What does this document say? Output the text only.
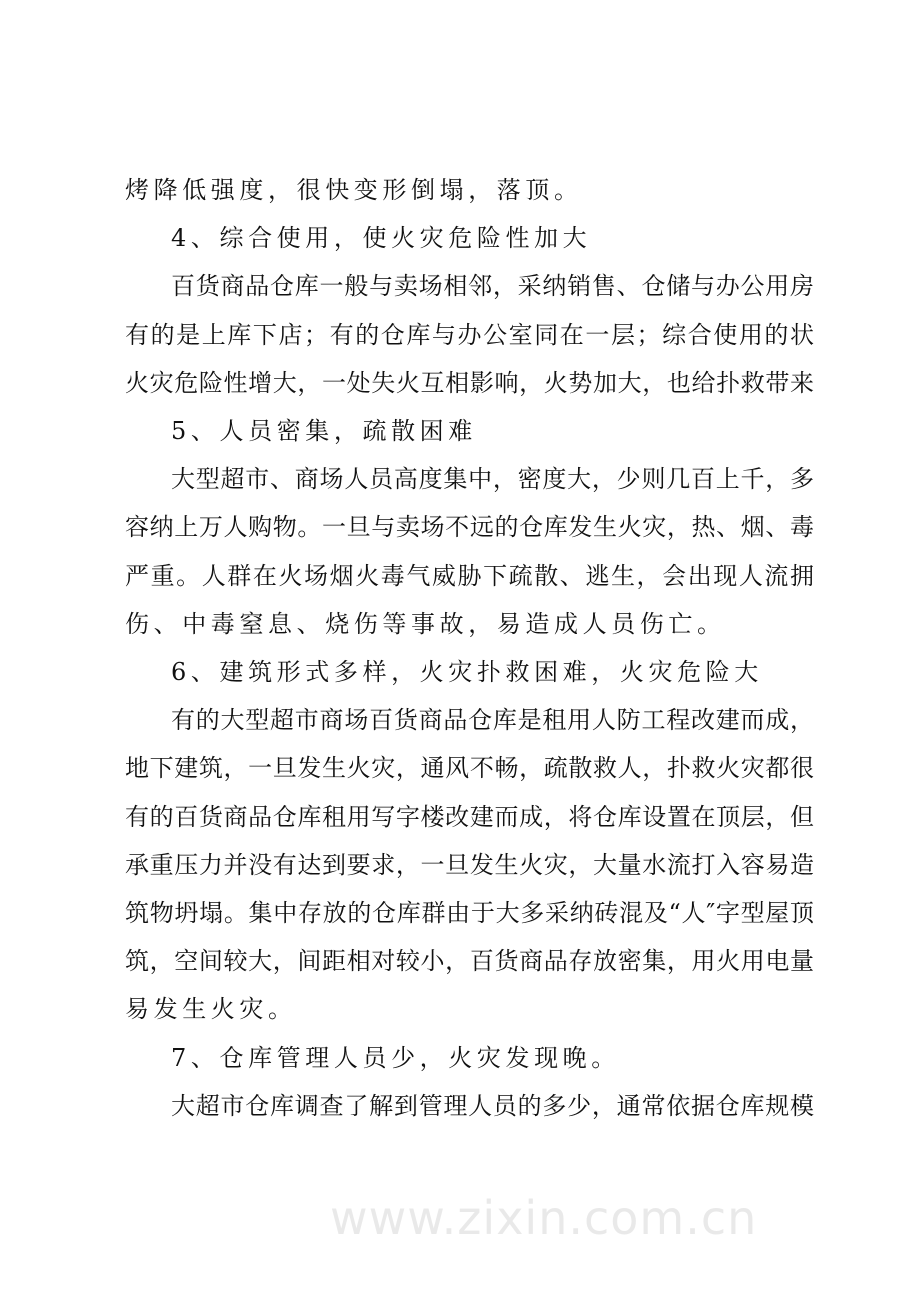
烤降低强度，很快变形倒塌，落顶。
4、综合使用，使火灾危险性加大
百货商品仓库一般与卖场相邻，采纳销售、仓储与办公用房
有的是上库下店；有的仓库与办公室同在一层；综合使用的状
火灾危险性增大，一处失火互相影响，火势加大，也给扑救带来
5、人员密集，疏散困难
大型超市、商场人员高度集中，密度大，少则几百上千，多
容纳上万人购物。一旦与卖场不远的仓库发生火灾，热、烟、毒
严重。人群在火场烟火毒气威胁下疏散、逃生，会出现人流拥
伤、中毒窒息、烧伤等事故，易造成人员伤亡。
6、建筑形式多样，火灾扑救困难，火灾危险大
有的大型超市商场百货商品仓库是租用人防工程改建而成，
地下建筑，一旦发生火灾，通风不畅，疏散救人，扑救火灾都很
有的百货商品仓库租用写字楼改建而成，将仓库设置在顶层，但
承重压力并没有达到要求，一旦发生火灾，大量水流打入容易造
筑物坍塌。集中存放的仓库群由于大多采纳砖混及“人″字型屋顶
筑，空间较大，间距相对较小，百货商品存放密集，用火用电量
易发生火灾。
7、仓库管理人员少，火灾发现晚。
大超市仓库调查了解到管理人员的多少，通常依据仓库规模
www.zixin.com.cn
